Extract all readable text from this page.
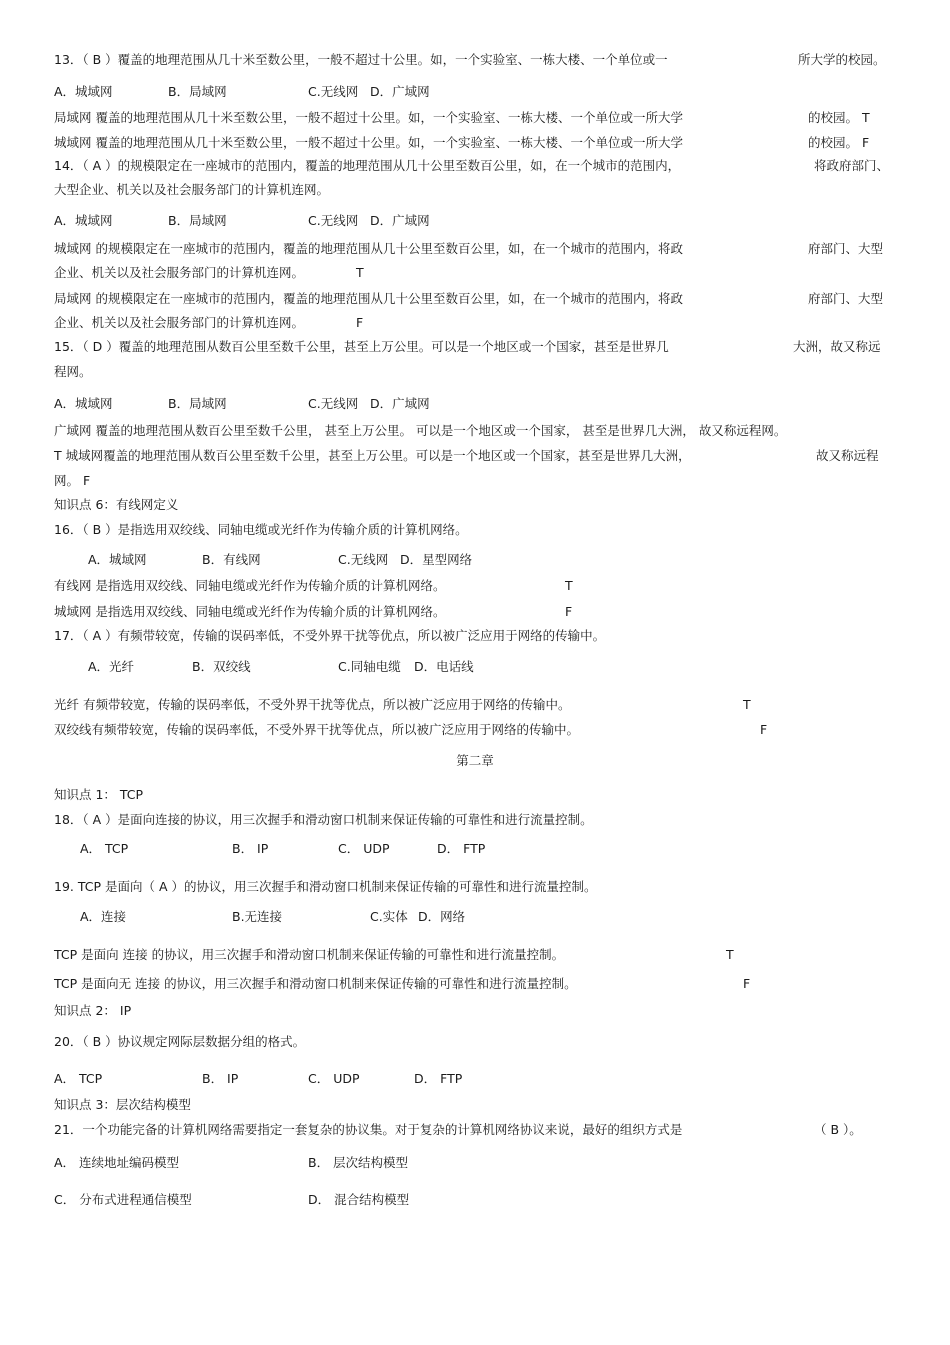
13．（ B ）覆盖的地理范围从几十米至数公里，一般不超过十公里。如，一个实验室、一栋大楼、一个单位或一	所大学的校园。
A．城域网	B．局域网	C.无线网 D．广域网
局域网 覆盖的地理范围从几十米至数公里，一般不超过十公里。如，一个实验室、一栋大楼、一个单位或一所大学	的校园。 T
城域网 覆盖的地理范围从几十米至数公里，一般不超过十公里。如，一个实验室、一栋大楼、一个单位或一所大学	的校园。 F
14．（ A ）的规模限定在一座城市的范围内，覆盖的地理范围从几十公里至数百公里，如，在一个城市的范围内，	将政府部门、
大型企业、机关以及社会服务部门的计算机连网。
A．城域网	B．局域网	C.无线网 D．广域网
城域网 的规模限定在一座城市的范围内，覆盖的地理范围从几十公里至数百公里，如，在一个城市的范围内，将政	府部门、大型
企业、机关以及社会服务部门的计算机连网。	T
局域网 的规模限定在一座城市的范围内，覆盖的地理范围从几十公里至数百公里，如，在一个城市的范围内，将政	府部门、大型
企业、机关以及社会服务部门的计算机连网。	F
15．（ D ）覆盖的地理范围从数百公里至数千公里，甚至上万公里。可以是一个地区或一个国家，甚至是世界几	大洲，故又称远
程网。
A．城域网	B．局域网	C.无线网 D．广域网
广域网 覆盖的地理范围从数百公里至数千公里， 甚至上万公里。 可以是一个地区或一个国家， 甚至是世界几大洲， 故又称远程网。
T 城域网覆盖的地理范围从数百公里至数千公里，甚至上万公里。可以是一个地区或一个国家，甚至是世界几大洲，	故又称远程
网。 F
知识点 6：有线网定义
16．（ B ）是指选用双绞线、同轴电缆或光纤作为传输介质的计算机网络。
A．城域网	B．有线网	C.无线网 D．星型网络
有线网 是指选用双绞线、同轴电缆或光纤作为传输介质的计算机网络。	T
城域网 是指选用双绞线、同轴电缆或光纤作为传输介质的计算机网络。	F
17．（ A ）有频带较宽，传输的误码率低，不受外界干扰等优点，所以被广泛应用于网络的传输中。
A．光纤	B．双绞线	C.同轴电缆 D．电话线
光纤 有频带较宽，传输的误码率低，不受外界干扰等优点，所以被广泛应用于网络的传输中。	T
双绞线有频带较宽，传输的误码率低，不受外界干扰等优点，所以被广泛应用于网络的传输中。	F
第二章
知识点 1： TCP
18．（ A ）是面向连接的协议，用三次握手和滑动窗口机制来保证传输的可靠性和进行流量控制。
A． TCP	B． IP	C． UDP	D． FTP
19. TCP 是面向（ A ）的协议，用三次握手和滑动窗口机制来保证传输的可靠性和进行流量控制。
A．连接	B.无连接	C.实体 D．网络
TCP 是面向 连接 的协议，用三次握手和滑动窗口机制来保证传输的可靠性和进行流量控制。	T
TCP 是面向无 连接 的协议，用三次握手和滑动窗口机制来保证传输的可靠性和进行流量控制。	F
知识点 2： IP
20．（ B ）协议规定网际层数据分组的格式。
A． TCP	B． IP	C． UDP	D． FTP
知识点 3：层次结构模型
21．一个功能完备的计算机网络需要指定一套复杂的协议集。对于复杂的计算机网络协议来说，最好的组织方式是	（ B ）。
A． 连续地址编码模型	B． 层次结构模型
C． 分布式进程通信模型	D． 混合结构模型
